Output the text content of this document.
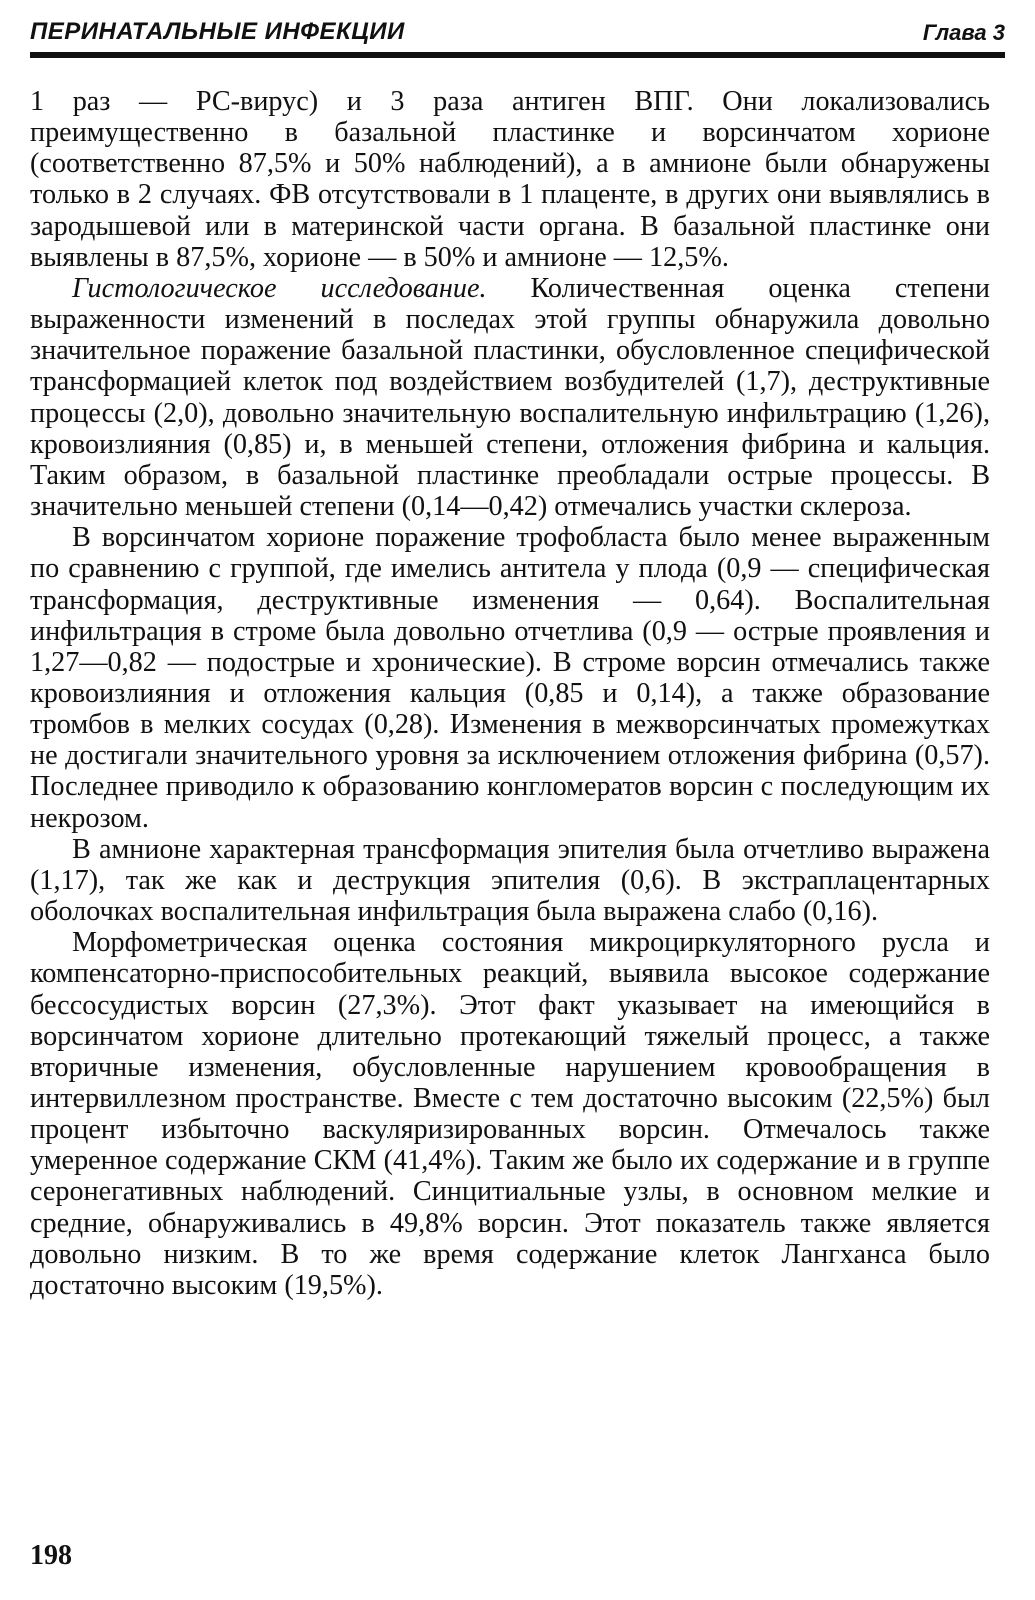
ПЕРИНАТАЛЬНЫЕ ИНФЕКЦИИ	Глава 3

1 раз — РС-вирус) и 3 раза антиген ВПГ. Они локализовались преимущественно в базальной пластинке и ворсинчатом хорионе (соответственно 87,5% и 50% наблюдений), а в амнионе были обнаружены только в 2 случаях. ФВ отсутствовали в 1 плаценте, в других они выявлялись в зародышевой или в материнской части органа. В базальной пластинке они выявлены в 87,5%, хорионе — в 50% и амнионе — 12,5%.

Гистологическое исследование. Количественная оценка степени выраженности изменений в последах этой группы обнаружила довольно значительное поражение базальной пластинки, обусловленное специфической трансформацией клеток под воздействием возбудителей (1,7), деструктивные процессы (2,0), довольно значительную воспалительную инфильтрацию (1,26), кровоизлияния (0,85) и, в меньшей степени, отложения фибрина и кальция. Таким образом, в базальной пластинке преобладали острые процессы. В значительно меньшей степени (0,14—0,42) отмечались участки склероза.

В ворсинчатом хорионе поражение трофобласта было менее выраженным по сравнению с группой, где имелись антитела у плода (0,9 — специфическая трансформация, деструктивные изменения — 0,64). Воспалительная инфильтрация в строме была довольно отчетлива (0,9 — острые проявления и 1,27—0,82 — подострые и хронические). В строме ворсин отмечались также кровоизлияния и отложения кальция (0,85 и 0,14), а также образование тромбов в мелких сосудах (0,28). Изменения в межворсинчатых промежутках не достигали значительного уровня за исключением отложения фибрина (0,57). Последнее приводило к образованию конгломератов ворсин с последующим их некрозом.

В амнионе характерная трансформация эпителия была отчетливо выражена (1,17), так же как и деструкция эпителия (0,6). В экстраплацентарных оболочках воспалительная инфильтрация была выражена слабо (0,16).

Морфометрическая оценка состояния микроциркуляторного русла и компенсаторно-приспособительных реакций, выявила высокое содержание бессосудистых ворсин (27,3%). Этот факт указывает на имеющийся в ворсинчатом хорионе длительно протекающий тяжелый процесс, а также вторичные изменения, обусловленные нарушением кровообращения в интервиллезном пространстве. Вместе с тем достаточно высоким (22,5%) был процент избыточно васкуляризированных ворсин. Отмечалось также умеренное содержание СКМ (41,4%). Таким же было их содержание и в группе серонегативных наблюдений. Синцитиальные узлы, в основном мелкие и средние, обнаруживались в 49,8% ворсин. Этот показатель также является довольно низким. В то же время содержание клеток Лангханса было достаточно высоким (19,5%).

198
